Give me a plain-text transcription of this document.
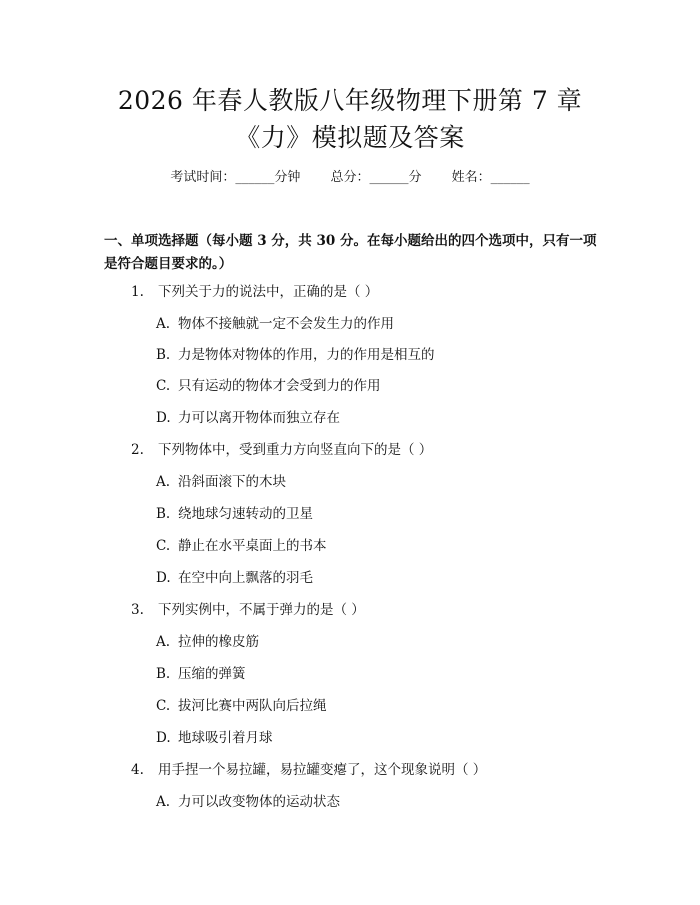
2026 年春人教版八年级物理下册第 7 章
《力》模拟题及答案
考试时间：______分钟 总分：______分 姓名：______
一、单项选择题（每小题 3 分，共 30 分。在每小题给出的四个选项中，只有一项是符合题目要求的。）
1. 下列关于力的说法中，正确的是（ ）
A. 物体不接触就一定不会发生力的作用
B. 力是物体对物体的作用，力的作用是相互的
C. 只有运动的物体才会受到力的作用
D. 力可以离开物体而独立存在
2. 下列物体中，受到重力方向竖直向下的是（ ）
A. 沿斜面滚下的木块
B. 绕地球匀速转动的卫星
C. 静止在水平桌面上的书本
D. 在空中向上飘落的羽毛
3. 下列实例中，不属于弹力的是（ ）
A. 拉伸的橡皮筋
B. 压缩的弹簧
C. 拔河比赛中两队向后拉绳
D. 地球吸引着月球
4. 用手捏一个易拉罐，易拉罐变瘪了，这个现象说明（ ）
A. 力可以改变物体的运动状态
